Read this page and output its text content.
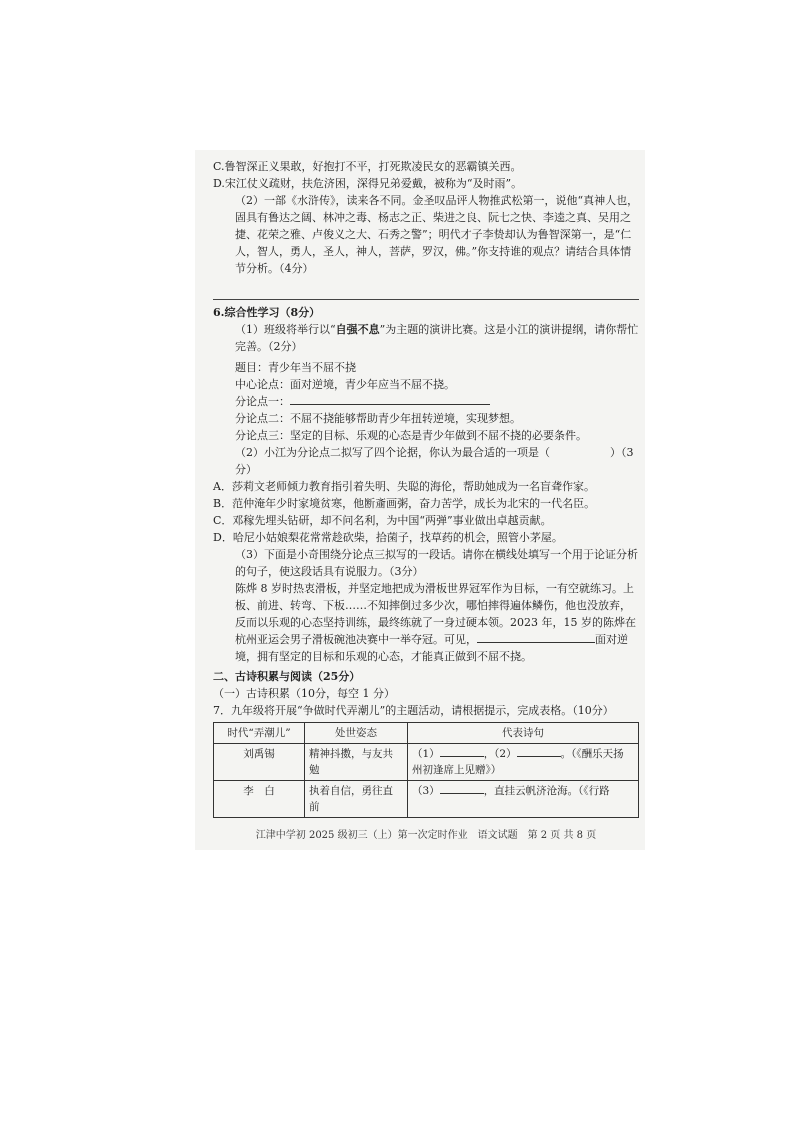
C.鲁智深正义果敢，好抱打不平，打死欺凌民女的恶霸镇关西。

D.宋江仗义疏财，扶危济困，深得兄弟爱戴，被称为“及时雨”。

（2）一部《水浒传》，读来各不同。金圣叹品评人物推武松第一，说他“真神人也，固具有鲁达之阔、林冲之毒、杨志之正、柴进之良、阮七之快、李逵之真、吴用之捷、花荣之雅、卢俊义之大、石秀之警”；明代才子李贽却认为鲁智深第一，是“仁人，智人，勇人，圣人，神人，菩萨，罗汉，佛。”你支持谁的观点？请结合具体情节分析。（4分）

6.综合性学习（8分）

（1）班级将举行以“自强不息”为主题的演讲比赛。这是小江的演讲提纲，请你帮忙完善。（2分）

题目：青少年当不屈不挠

中心论点：面对逆境，青少年应当不屈不挠。

分论点一：

分论点二：不屈不挠能够帮助青少年扭转逆境，实现梦想。

分论点三：坚定的目标、乐观的心态是青少年做到不屈不挠的必要条件。

（2）小江为分论点二拟写了四个论据，你认为最合适的一项是（	）（3分）

A．莎莉文老师倾力教育指引着失明、失聪的海伦，帮助她成为一名盲聋作家。

B．范仲淹年少时家境贫寒，他断齑画粥，奋力苦学，成长为北宋的一代名臣。

C．邓稼先埋头钻研，却不问名利，为中国“两弹”事业做出卓越贡献。

D．哈尼小姑娘梨花常常趁砍柴，拾菌子，找草药的机会，照管小茅屋。

（3）下面是小奇围绕分论点三拟写的一段话。请你在横线处填写一个用于论证分析的句子，使这段话具有说服力。（3分）

陈烨 8 岁时热衷滑板，并坚定地把成为滑板世界冠军作为目标，一有空就练习。上板、前进、转弯、下板……不知摔倒过多少次，哪怕摔得遍体鳞伤，他也没放弃，反而以乐观的心态坚持训练，最终练就了一身过硬本领。2023 年，15 岁的陈烨在杭州亚运会男子滑板碗池决赛中一举夺冠。可见，	面对逆境，拥有坚定的目标和乐观的心态，才能真正做到不屈不挠。

二、古诗积累与阅读（25分）

（一）古诗积累（10分，每空 1 分）

7．九年级将开展“争做时代弄潮儿”的主题活动，请根据提示，完成表格。（10分）

时代“弄潮儿”	处世姿态	代表诗句
刘禹锡	精神抖擞，与友共勉	（1） ，（2） 。（《酬乐天扬州初逢席上见赠》）
李　白	执着自信，勇往直前	（3） ，直挂云帆济沧海。（《行路
江津中学初 2025 级初三（上）第一次定时作业　语文试题　第 2 页 共 8 页
